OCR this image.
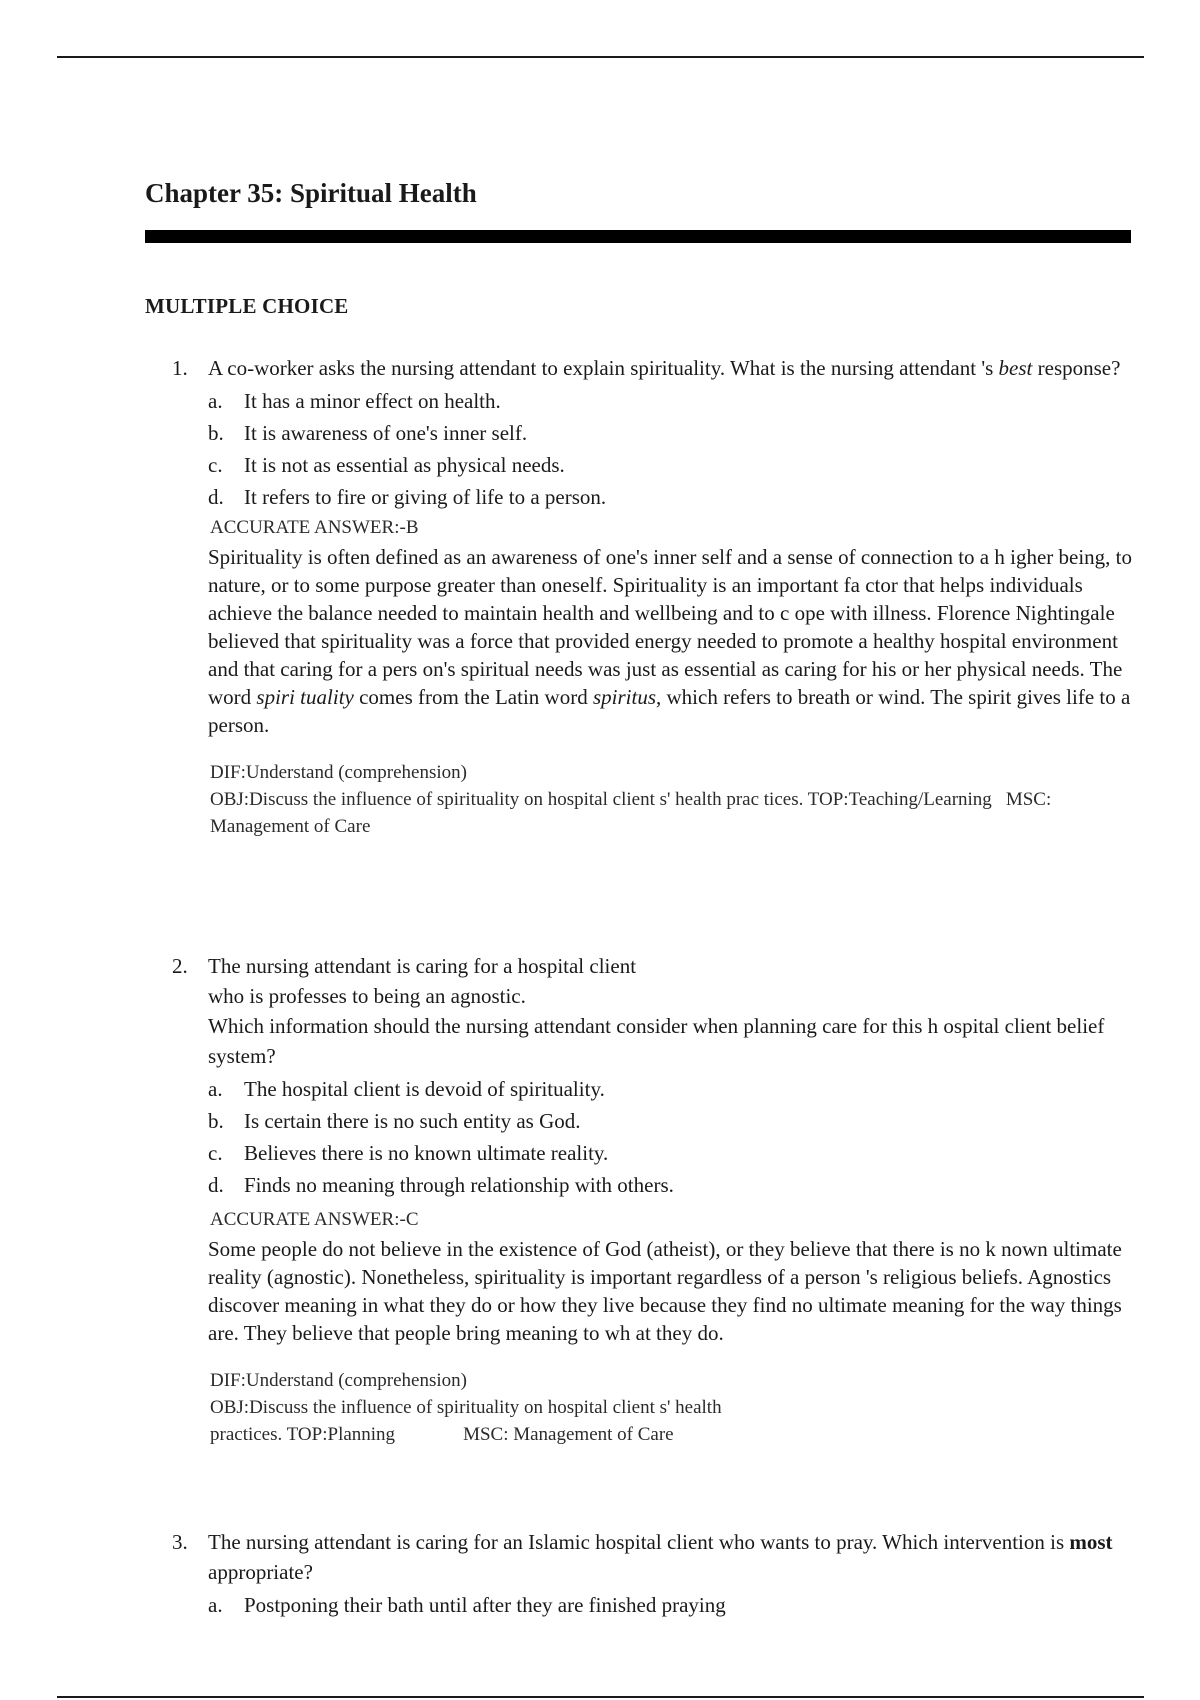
Chapter 35: Spiritual Health
MULTIPLE CHOICE
1. A co-worker asks the nursing attendant to explain spirituality. What is the nursing attendant 's best response?
a.	It has a minor effect on health.
b. It is awareness of one's inner self.
c.	It is not as essential as physical needs.
d. It refers to fire or giving of life to a person.
ACCURATE ANSWER:-B
Spirituality is often defined as an awareness of one's inner self and a sense of connection to a h igher being, to nature, or to some purpose greater than oneself. Spirituality is an important fa ctor that helps individuals achieve the balance needed to maintain health and wellbeing and to c ope with illness. Florence Nightingale believed that spirituality was a force that provided energy needed to promote a healthy hospital environment and that caring for a pers on's spiritual needs was just as essential as caring for his or her physical needs. The word spiri tuality comes from the Latin word spiritus, which refers to breath or wind. The spirit gives life to a person.
DIF:Understand (comprehension)
OBJ:Discuss the influence of spirituality on hospital client s' health prac tices. TOP:Teaching/Learning MSC: Management of Care
2. The nursing attendant is caring for a hospital client
who is professes to being an agnostic.
Which information should the nursing attendant consider when planning care for this h ospital client belief system?
a.	The hospital client is devoid of spirituality.
b. Is certain there is no such entity as God.
c.	Believes there is no known ultimate reality.
d. Finds no meaning through relationship with others.
ACCURATE ANSWER:-C
Some people do not believe in the existence of God (atheist), or they believe that there is no k nown ultimate reality (agnostic). Nonetheless, spirituality is important regardless of a person 's religious beliefs. Agnostics discover meaning in what they do or how they live because they find no ultimate meaning for the way things are. They believe that people bring meaning to wh at they do.
DIF:Understand (comprehension)
OBJ:Discuss the influence of spirituality on hospital client s' health
practices. TOP:Planning	MSC: Management of Care
3. The nursing attendant is caring for an Islamic hospital client who wants to pray. Which intervention is most appropriate?
a.	Postponing their bath until after they are finished praying
